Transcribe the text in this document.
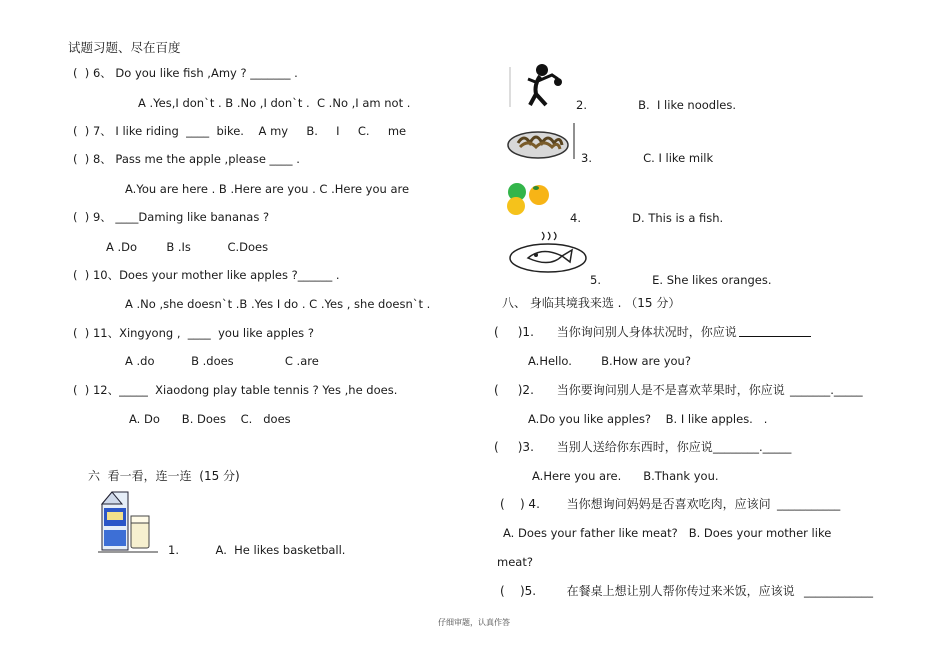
试题习题、尽在百度
(  ) 6、 Do you like fish ,Amy ? _______ .
A .Yes,I don`t . B .No ,I don`t .  C .No ,I am not .
(  ) 7、 I like riding  ____  bike.    A my     B.     I     C.     me
(  ) 8、 Pass me the apple ,please ____ .
A.You are here . B .Here are you . C .Here you are
(  ) 9、 ____Daming like bananas ?
A .Do        B .Is          C.Does
(  ) 10、Does your mother like apples ?______ .
A .No ,she doesn`t .B .Yes I do . C .Yes , she doesn`t .
(  ) 11、Xingyong ,  ____  you like apples ?
A .do          B .does              C .are
(  ) 12、_____  Xiaodong play table tennis ? Yes ,he does.
A. Do      B. Does    C.   does
六  看一看，连一连  (15 分)
1.          A.  He likes basketball.
2.              B.  I like noodles.
3.              C. I like milk
4.              D. This is a fish.
5.              E. She likes oranges.
八、 身临其境我来选 . （15 分）
(     )1.      当你询问别人身体状况时，你应说
A.Hello.        B.How are you?
(     )2.      当你要询问别人是不是喜欢苹果时，你应说 _______._____
A.Do you like apples?    B. I like apples.   .
(     )3.      当别人送给你东西时，你应说 ________._____
A.Here you are.      B.Thank you.
(    ) 4.       当你想询问妈妈是否喜欢吃肉，应该问 ___________
A. Does your father like meat?   B. Does your mother like
meat?
(    )5.        在餐桌上想让别人帮你传过来米饭，应该说 ____________
仔细审题，认真作答
